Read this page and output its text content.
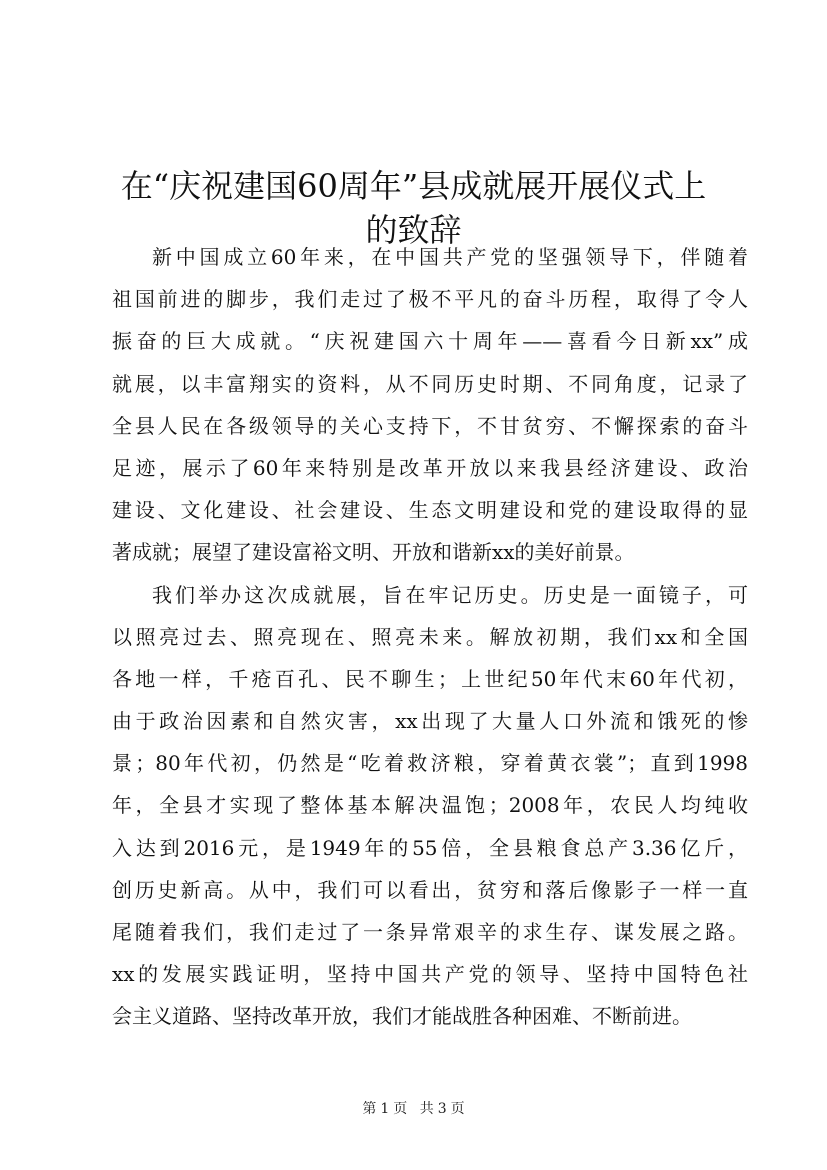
在“庆祝建国60周年”县成就展开展仪式上
的致辞
新中国成立60年来，在中国共产党的坚强领导下，伴随着
祖国前进的脚步，我们走过了极不平凡的奋斗历程，取得了令人
振奋的巨大成就。“庆祝建国六十周年——喜看今日新xx”成
就展，以丰富翔实的资料，从不同历史时期、不同角度，记录了
全县人民在各级领导的关心支持下，不甘贫穷、不懈探索的奋斗
足迹，展示了60年来特别是改革开放以来我县经济建设、政治
建设、文化建设、社会建设、生态文明建设和党的建设取得的显
著成就；展望了建设富裕文明、开放和谐新xx的美好前景。
我们举办这次成就展，旨在牢记历史。历史是一面镜子，可
以照亮过去、照亮现在、照亮未来。解放初期，我们xx和全国
各地一样，千疮百孔、民不聊生；上世纪50年代末60年代初，
由于政治因素和自然灾害，xx出现了大量人口外流和饿死的惨
景；80年代初，仍然是“吃着救济粮，穿着黄衣裳”；直到1998
年，全县才实现了整体基本解决温饱；2008年，农民人均纯收
入达到2016元，是1949年的55倍，全县粮食总产3.36亿斤，
创历史新高。从中，我们可以看出，贫穷和落后像影子一样一直
尾随着我们，我们走过了一条异常艰辛的求生存、谋发展之路。
xx的发展实践证明，坚持中国共产党的领导、坚持中国特色社
会主义道路、坚持改革开放，我们才能战胜各种困难、不断前进。
第 1 页 共 3 页
